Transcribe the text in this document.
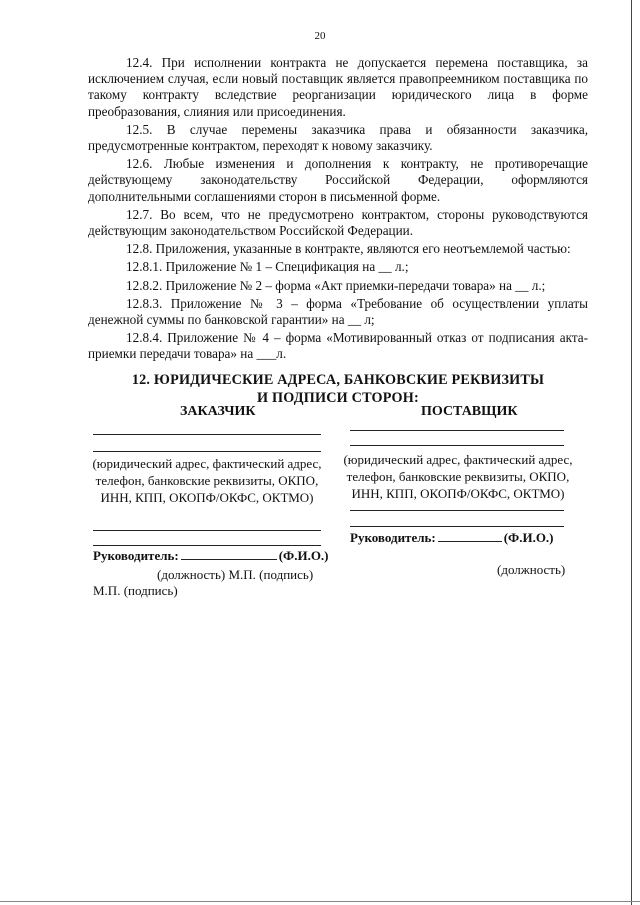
20

12.4. При исполнении контракта не допускается перемена поставщика, за исключением случая, если новый поставщик является правопреемником поставщика по такому контракту вследствие реорганизации юридического лица в форме преобразования, слияния или присоединения.

12.5. В случае перемены заказчика права и обязанности заказчика, предусмотренные контрактом, переходят к новому заказчику.

12.6. Любые изменения и дополнения к контракту, не противоречащие действующему законодательству Российской Федерации, оформляются дополнительными соглашениями сторон в письменной форме.

12.7. Во всем, что не предусмотрено контрактом, стороны руководствуются действующим законодательством Российской Федерации.

12.8. Приложения, указанные в контракте, являются его неотъемлемой частью:

12.8.1. Приложение № 1 – Спецификация на __ л.;

12.8.2. Приложение № 2 – форма «Акт приемки-передачи товара» на __ л.;

12.8.3. Приложение № 3 – форма «Требование об осуществлении уплаты денежной суммы по банковской гарантии» на __ л;

12.8.4. Приложение № 4 – форма «Мотивированный отказ от подписания акта-приемки передачи товара» на ___л.

12. ЮРИДИЧЕСКИЕ АДРЕСА, БАНКОВСКИЕ РЕКВИЗИТЫ
И ПОДПИСИ СТОРОН:
ЗАКАЗЧИК
(юридический адрес, фактический адрес, телефон, банковские реквизиты, ОКПО, ИНН, КПП, ОКОПФ/ОКФС, ОКТМО)
Руководитель:	(Ф.И.О.)
(должность) М.П. (подпись)
М.П. (подпись)
ПОСТАВЩИК
(юридический адрес, фактический адрес, телефон, банковские реквизиты, ОКПО, ИНН, КПП, ОКОПФ/ОКФС, ОКТМО)
Руководитель:	(Ф.И.О.)
(должность)
